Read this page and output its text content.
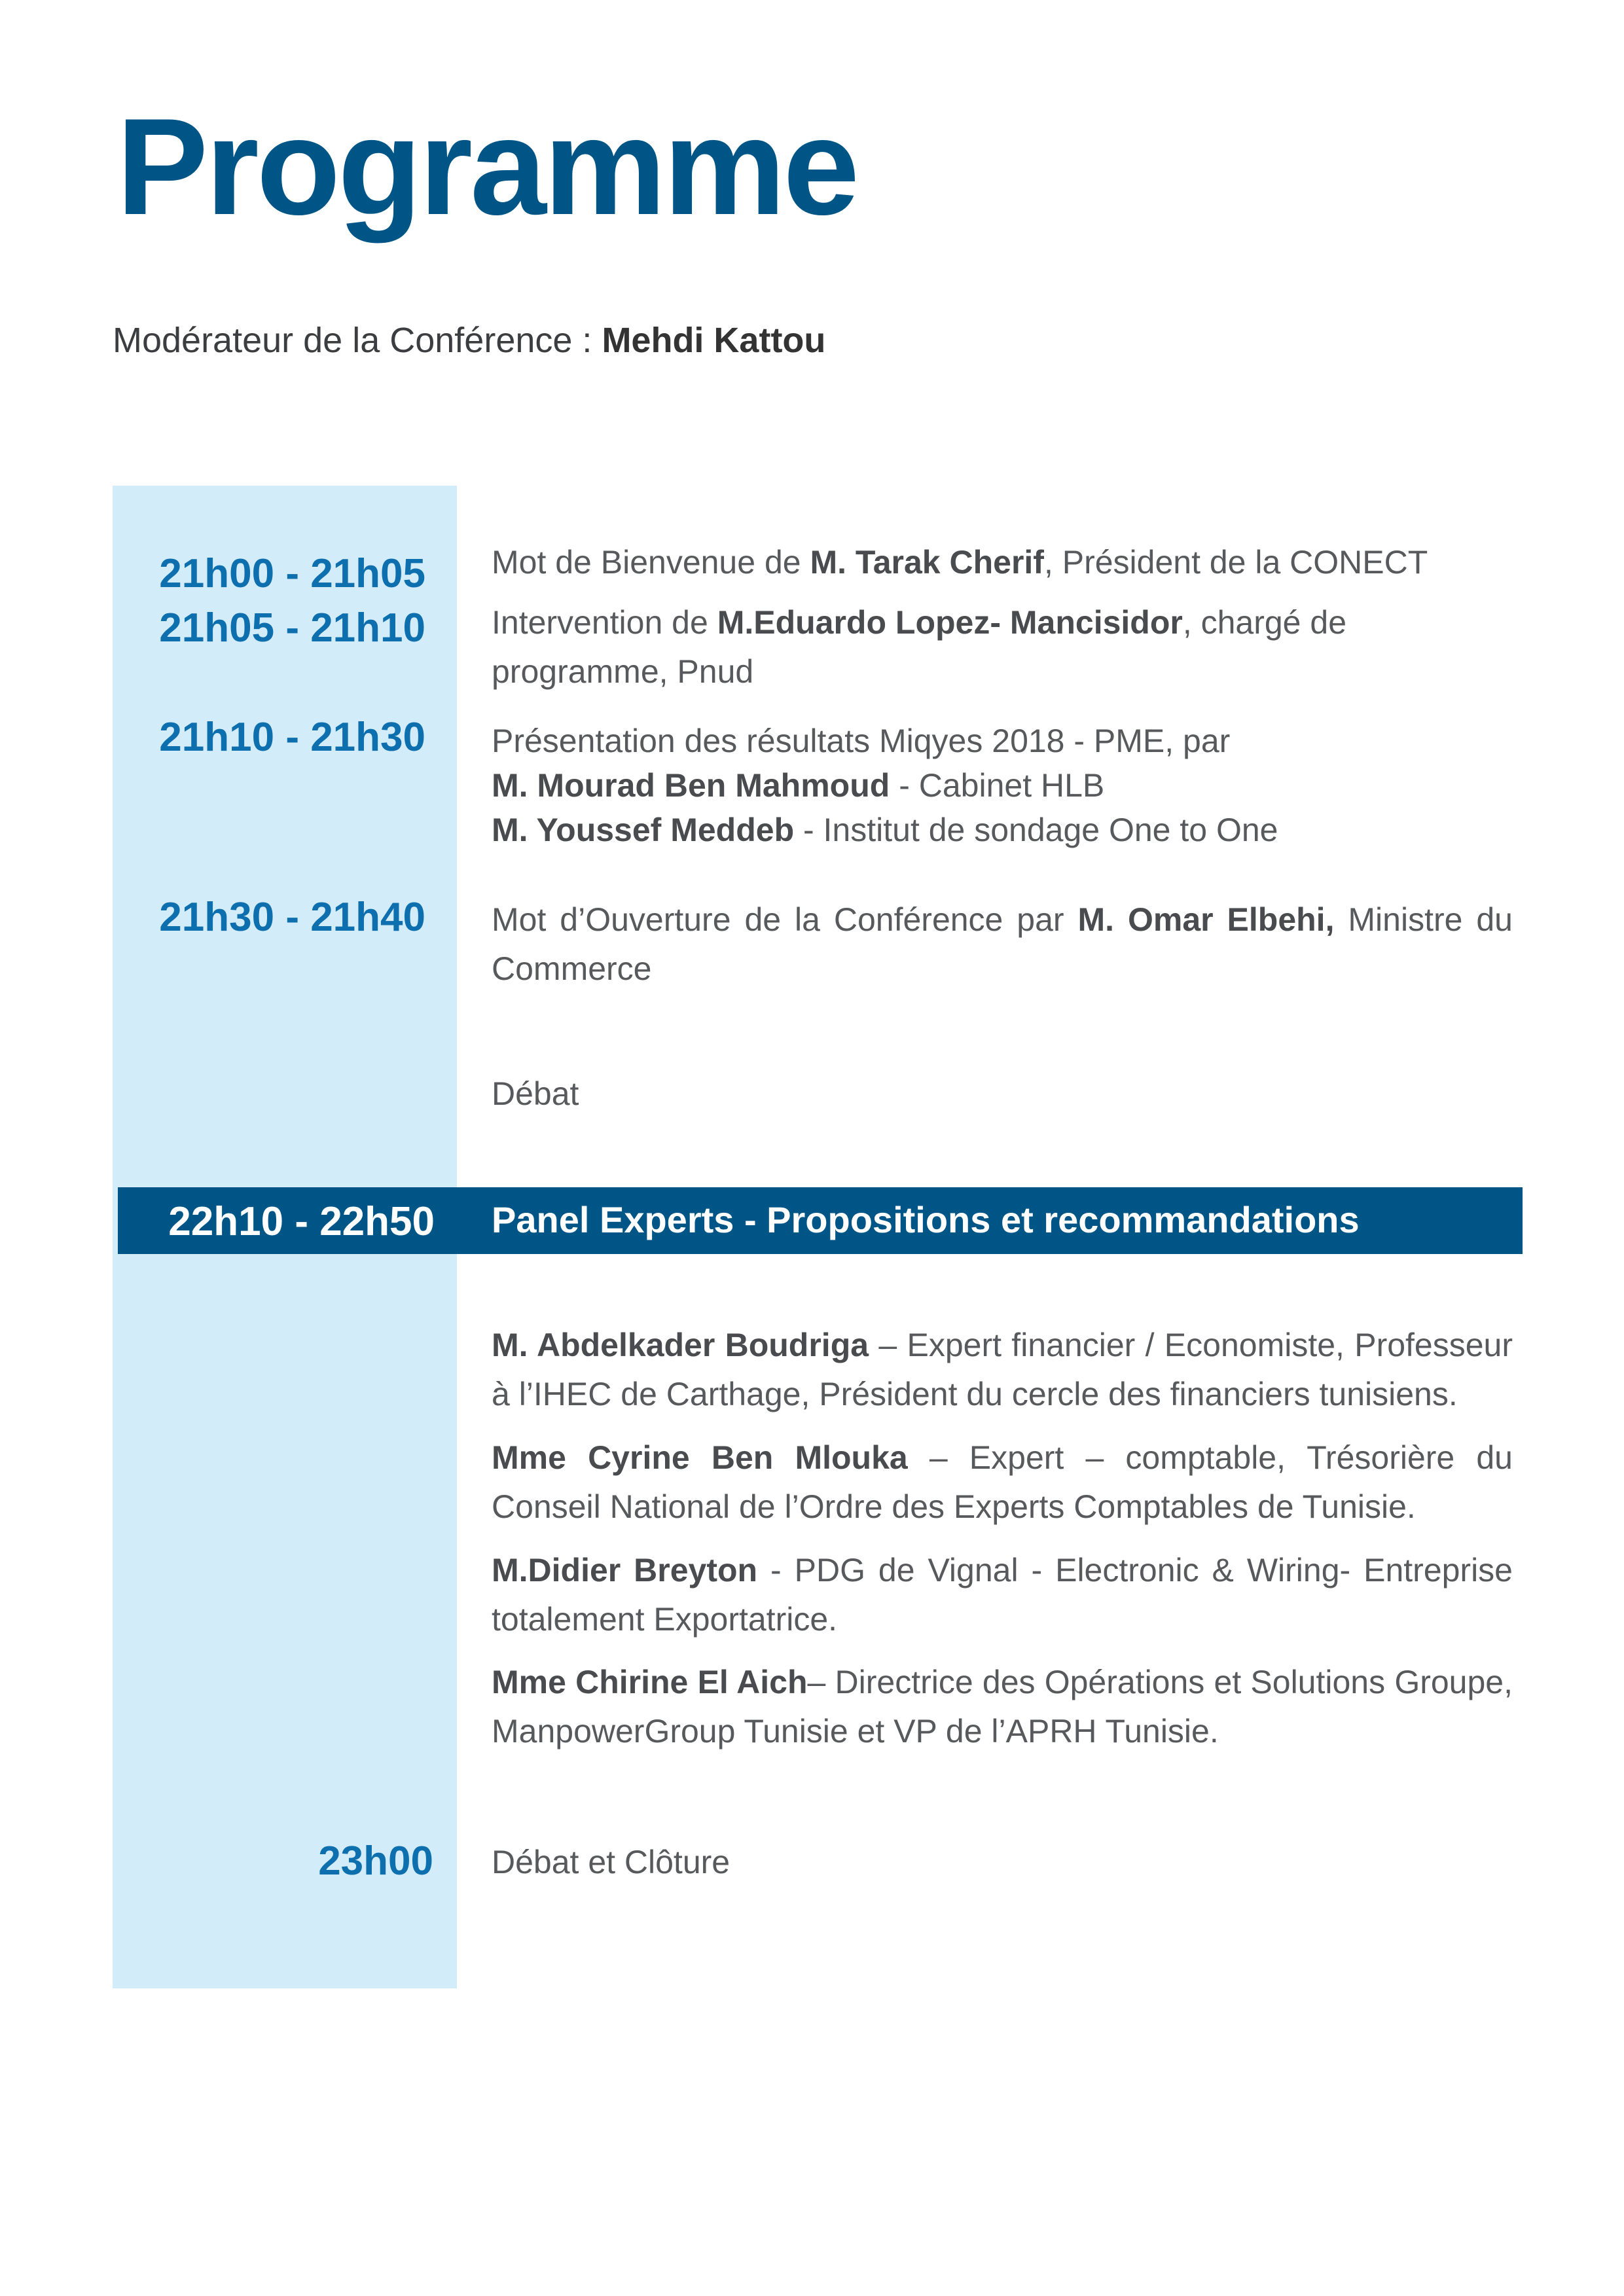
Programme
Modérateur de la Conférence : Mehdi Kattou
21h00 - 21h05 Mot de Bienvenue de M. Tarak Cherif, Président de la CONECT
21h05 - 21h10 Intervention de M.Eduardo Lopez- Mancisidor, chargé de programme, Pnud
21h10 - 21h30 Présentation des résultats Miqyes 2018 - PME, par
M. Mourad Ben Mahmoud - Cabinet HLB
M. Youssef Meddeb - Institut de sondage One to One
21h30 - 21h40 Mot d’Ouverture de la Conférence par M. Omar Elbehi, Ministre du Commerce
Débat
22h10 - 22h50 Panel Experts - Propositions et recommandations
M. Abdelkader Boudriga – Expert financier / Economiste, Professeur à l’IHEC de Carthage, Président du cercle des financiers tunisiens.
Mme Cyrine Ben Mlouka – Expert – comptable, Trésorière du Conseil National de l’Ordre des Experts Comptables de Tunisie.
M.Didier Breyton - PDG de Vignal - Electronic & Wiring- Entreprise totalement Exportatrice.
Mme Chirine El Aich– Directrice des Opérations et Solutions Groupe, ManpowerGroup Tunisie et VP de l’APRH Tunisie.
23h00 Débat et Clôture
